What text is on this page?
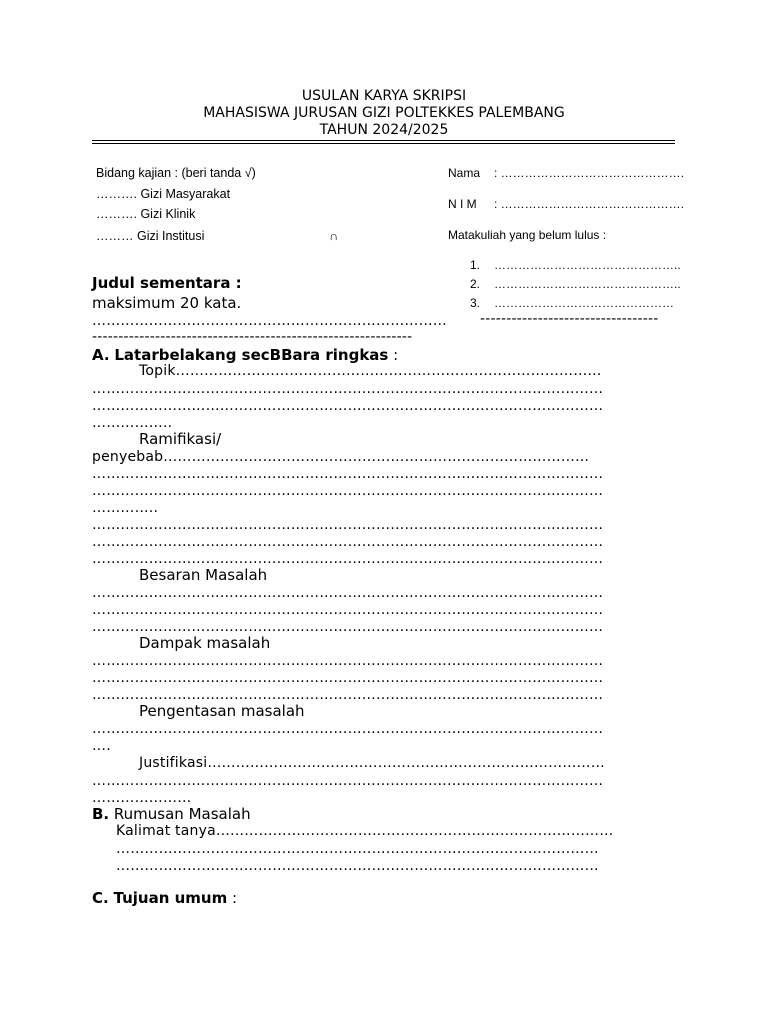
USULAN KARYA SKRIPSI
MAHASISWA JURUSAN GIZI POLTEKKES PALEMBANG
TAHUN 2024/2025
Bidang kajian : (beri tanda √)
………. Gizi Masyarakat
………. Gizi Klinik
……… Gizi Institusi	∩
Nama : ……………………………………….
N I M : ……………………………………….
Matakuliah yang belum lulus :
1. ………………………………………..
2. ………………………………………..
3. ………………………………………
Judul sementara :
maksimum 20 kata.
…………………………………………………………………	----------------------------------
-------------------------------------------------------------
A. Latarbelakang secBBara ringkas :
Topik………………………………………………………………………………
………………………………………………………………………………………………
………………………………………………………………………………………………
……………..
Ramifikasi/
penyebab………………………………………………………………………………
………………………………………………………………………………………………
………………………………………………………………………………………………
…………..
………………………………………………………………………………………………
………………………………………………………………………………………………
………………………………………………………………………………………………
Besaran Masalah
………………………………………………………………………………………………
………………………………………………………………………………………………
………………………………………………………………………………………………
Dampak masalah
………………………………………………………………………………………………
………………………………………………………………………………………………
………………………………………………………………………………………………
Pengentasan masalah
………………………………………………………………………………………………
….
Justifikasi…………………………………………………………………………
………………………………………………………………………………………………
…………………
B. Rumusan Masalah
Kalimat tanya…………………………………………………………………………
…………………………………………………………………………………………
…………………………………………………………………………………………
C. Tujuan umum :
